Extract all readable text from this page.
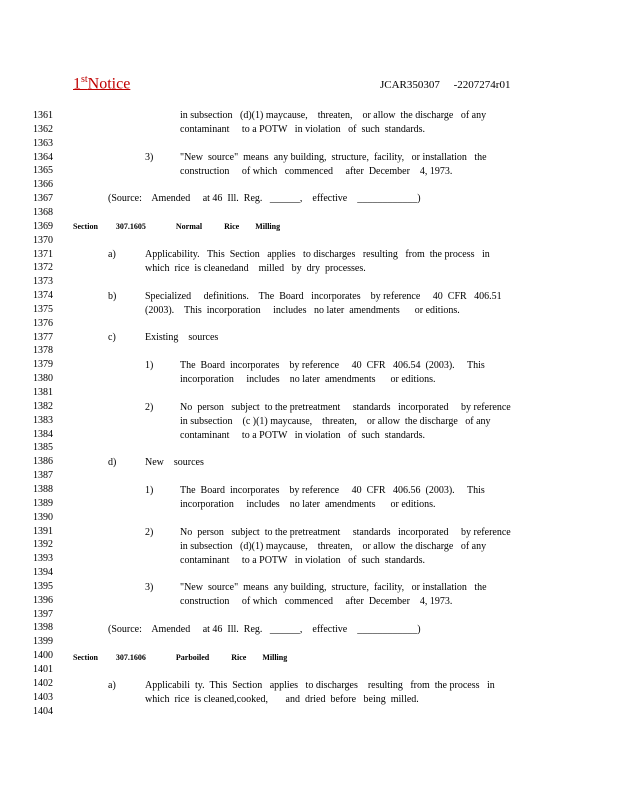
1stNotice	JCAR350307     -2207274r01
1361
1362
1363
1364
1365
1366
1367
1368
1369
1370
1371
1372
1373
1374
1375
1376
1377
1378
1379
1380
1381
1382
1383
1384
1385
1386
1387
1388
1389
1390
1391
1392
1393
1394
1395
1396
1397
1398
1399
1400
1401
1402
1403
1404
in subsection   (d)(1) maycause,    threaten,    or allow  the discharge   of any
contaminant     to a POTW   in violation   of  such  standards.
3)	"New  source"  means  any building,  structure,  facility,   or installation   the
construction     of which   commenced     after  December    4, 1973.
(Source:    Amended     at 46  Ill.  Reg.   ______,    effective    ____________)
Section         307.1605               Normal           Rice        Milling
a)	Applicability.   This  Section   applies   to discharges   resulting   from  the process   in
which  rice  is cleanedand    milled   by  dry  processes.
b)	Specialized     definitions.    The  Board   incorporates    by reference     40  CFR   406.51
(2003).    This  incorporation     includes   no later  amendments      or editions.
c)	Existing    sources
1)	The  Board  incorporates    by reference     40  CFR   406.54  (2003).     This
incorporation     includes    no later  amendments      or editions.
2)	No  person   subject  to the pretreatment     standards   incorporated     by reference
in subsection    (c )(1) maycause,    threaten,    or allow  the discharge   of any
contaminant     to a POTW   in violation   of  such  standards.
d)	New    sources
1)	The  Board  incorporates    by reference     40  CFR   406.56  (2003).     This
incorporation     includes    no later  amendments      or editions.
2)	No  person   subject  to the pretreatment     standards   incorporated     by reference
in subsection   (d)(1) maycause,    threaten,    or allow  the discharge   of any
contaminant     to a POTW   in violation   of  such  standards.
3)	"New  source"  means  any building,  structure,  facility,   or installation   the
construction     of which   commenced     after  December    4, 1973.
(Source:    Amended     at 46  Ill.  Reg.   ______,    effective    ____________)
Section         307.1606               Parboiled           Rice        Milling
a)	Applicabili  ty.  This  Section   applies   to discharges    resulting   from  the process   in
which  rice  is cleaned,cooked,       and  dried  before   being  milled.
